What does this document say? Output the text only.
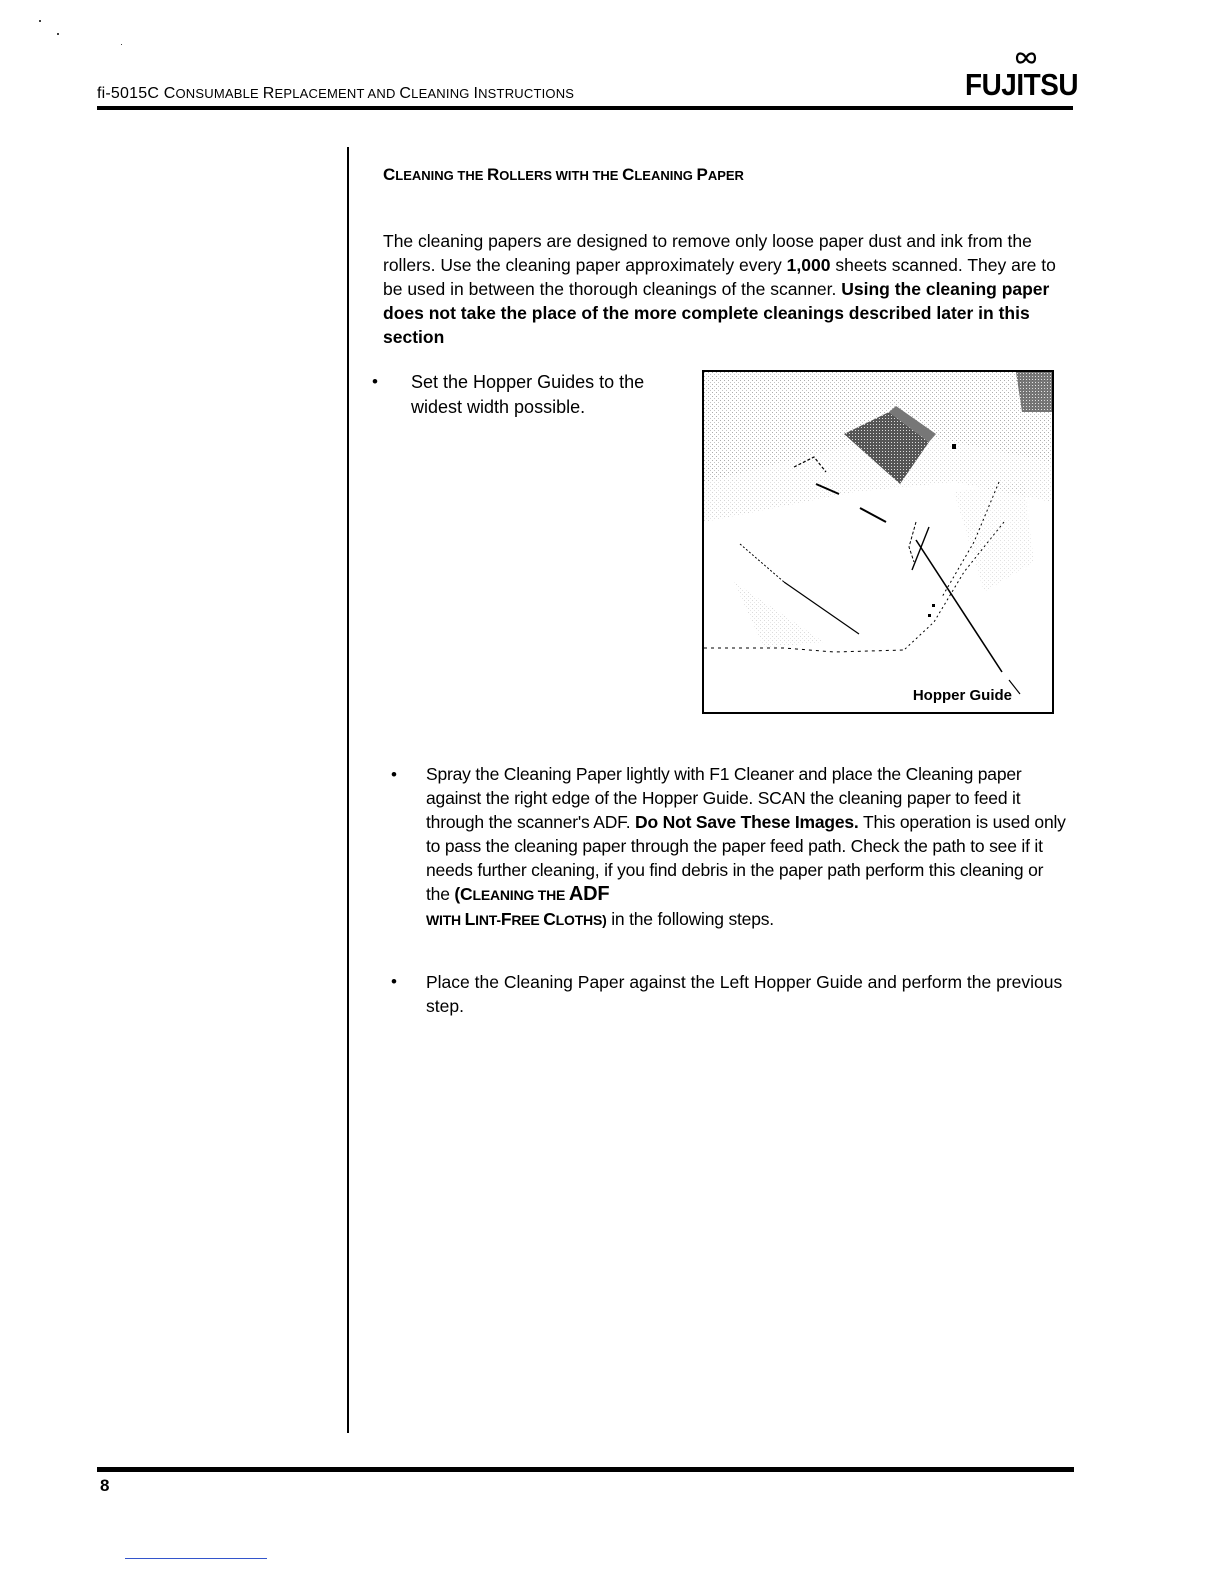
fi-5015C CONSUMABLE REPLACEMENT AND CLEANING INSTRUCTIONS	FUJITSU
CLEANING THE ROLLERS WITH THE CLEANING PAPER
The cleaning papers are designed to remove only loose paper dust and ink from the rollers. Use the cleaning paper approximately every 1,000 sheets scanned. They are to be used in between the thorough cleanings of the scanner. Using the cleaning paper does not take the place of the more complete cleanings described later in this section
• Set the Hopper Guides to the widest width possible.
Hopper Guide
• Spray the Cleaning Paper lightly with F1 Cleaner and place the Cleaning paper against the right edge of the Hopper Guide. SCAN the cleaning paper to feed it through the scanner's ADF. Do Not Save These Images. This operation is used only to pass the cleaning paper through the paper feed path. Check the path to see if it needs further cleaning, if you find debris in the paper path perform this cleaning or the (CLEANING THE ADF
WITH LINT-FREE CLOTHS) in the following steps.
• Place the Cleaning Paper against the Left Hopper Guide and perform the previous step.
8
